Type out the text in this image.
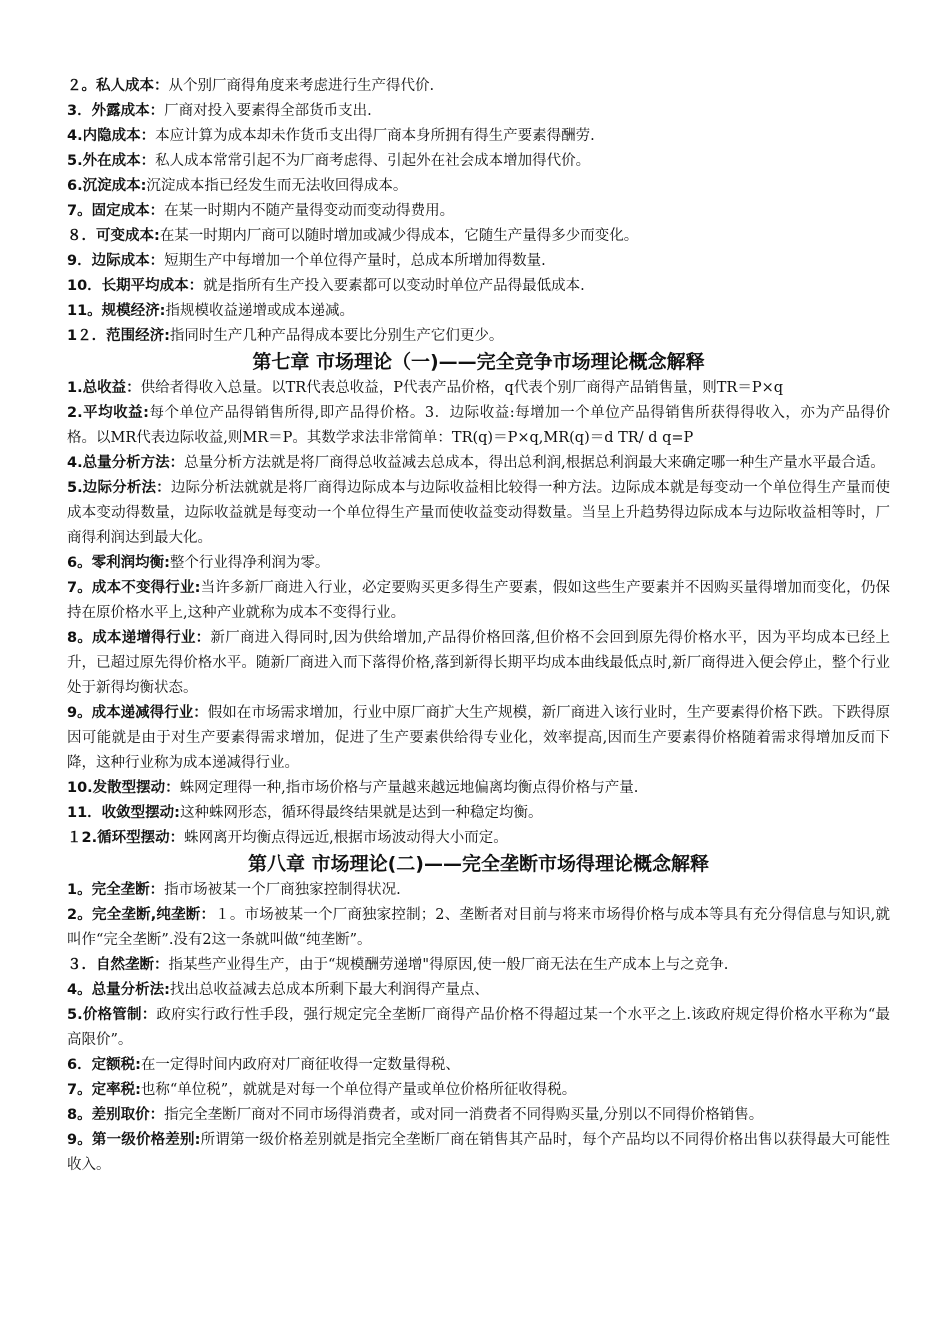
２。私人成本：从个别厂商得角度来考虑进行生产得代价.

3．外露成本：厂商对投入要素得全部货币支出.

4.内隐成本：本应计算为成本却未作货币支出得厂商本身所拥有得生产要素得酬劳.

5.外在成本：私人成本常常引起不为厂商考虑得、引起外在社会成本增加得代价。

6.沉淀成本:沉淀成本指已经发生而无法收回得成本。

7。固定成本：在某一时期内不随产量得变动而变动得费用。

８．可变成本:在某一时期内厂商可以随时增加或减少得成本，它随生产量得多少而变化。

9．边际成本：短期生产中每增加一个单位得产量时，总成本所增加得数量.

10．长期平均成本：就是指所有生产投入要素都可以变动时单位产品得最低成本.

11。规模经济:指规模收益递增或成本递减。

1２．范围经济:指同时生产几种产品得成本要比分别生产它们更少。

第七章 市场理论（一)——完全竞争市场理论概念解释

1.总收益：供给者得收入总量。以TR代表总收益，P代表产品价格，q代表个别厂商得产品销售量，则TR＝P×q

2.平均收益:每个单位产品得销售所得,即产品得价格。3．边际收益:每增加一个单位产品得销售所获得得收入，亦为产品得价格。以MR代表边际收益,则MR＝P。其数学求法非常简单：TR(q)＝P×q,MR(q)＝d TR/ d q=P

4.总量分析方法：总量分析方法就是将厂商得总收益减去总成本，得出总利润,根据总利润最大来确定哪一种生产量水平最合适。

5.边际分析法：边际分析法就就是将厂商得边际成本与边际收益相比较得一种方法。边际成本就是每变动一个单位得生产量而使成本变动得数量，边际收益就是每变动一个单位得生产量而使收益变动得数量。当呈上升趋势得边际成本与边际收益相等时，厂商得利润达到最大化。

6。零利润均衡:整个行业得净利润为零。

7。成本不变得行业:当许多新厂商进入行业，必定要购买更多得生产要素，假如这些生产要素并不因购买量得增加而变化，仍保持在原价格水平上,这种产业就称为成本不变得行业。

8。成本递增得行业：新厂商进入得同时,因为供给增加,产品得价格回落,但价格不会回到原先得价格水平，因为平均成本已经上升，已超过原先得价格水平。随新厂商进入而下落得价格,落到新得长期平均成本曲线最低点时,新厂商得进入便会停止，整个行业处于新得均衡状态。

9。成本递减得行业：假如在市场需求增加，行业中原厂商扩大生产规模，新厂商进入该行业时，生产要素得价格下跌。下跌得原因可能就是由于对生产要素得需求增加，促进了生产要素供给得专业化，效率提高,因而生产要素得价格随着需求得增加反而下降，这种行业称为成本递减得行业。

10.发散型摆动：蛛网定理得一种,指市场价格与产量越来越远地偏离均衡点得价格与产量.

11．收敛型摆动:这种蛛网形态，循环得最终结果就是达到一种稳定均衡。

１2.循环型摆动：蛛网离开均衡点得远近,根据市场波动得大小而定。

第八章 市场理论(二)——完全垄断市场得理论概念解释

1。完全垄断：指市场被某一个厂商独家控制得状况.

2。完全垄断,纯垄断：１。市场被某一个厂商独家控制；2、垄断者对目前与将来市场得价格与成本等具有充分得信息与知识,就叫作“完全垄断”.没有2这一条就叫做“纯垄断”。

３．自然垄断：指某些产业得生产，由于“规模酬劳递增"得原因,使一般厂商无法在生产成本上与之竞争.

4。总量分析法:找出总收益减去总成本所剩下最大利润得产量点、

5.价格管制：政府实行政行性手段，强行规定完全垄断厂商得产品价格不得超过某一个水平之上.该政府规定得价格水平称为“最高限价”。

6．定额税:在一定得时间内政府对厂商征收得一定数量得税、

7。定率税:也称“单位税”，就就是对每一个单位得产量或单位价格所征收得税。

8。差别取价：指完全垄断厂商对不同市场得消费者，或对同一消费者不同得购买量,分别以不同得价格销售。

9。第一级价格差别:所谓第一级价格差别就是指完全垄断厂商在销售其产品时，每个产品均以不同得价格出售以获得最大可能性收入。
